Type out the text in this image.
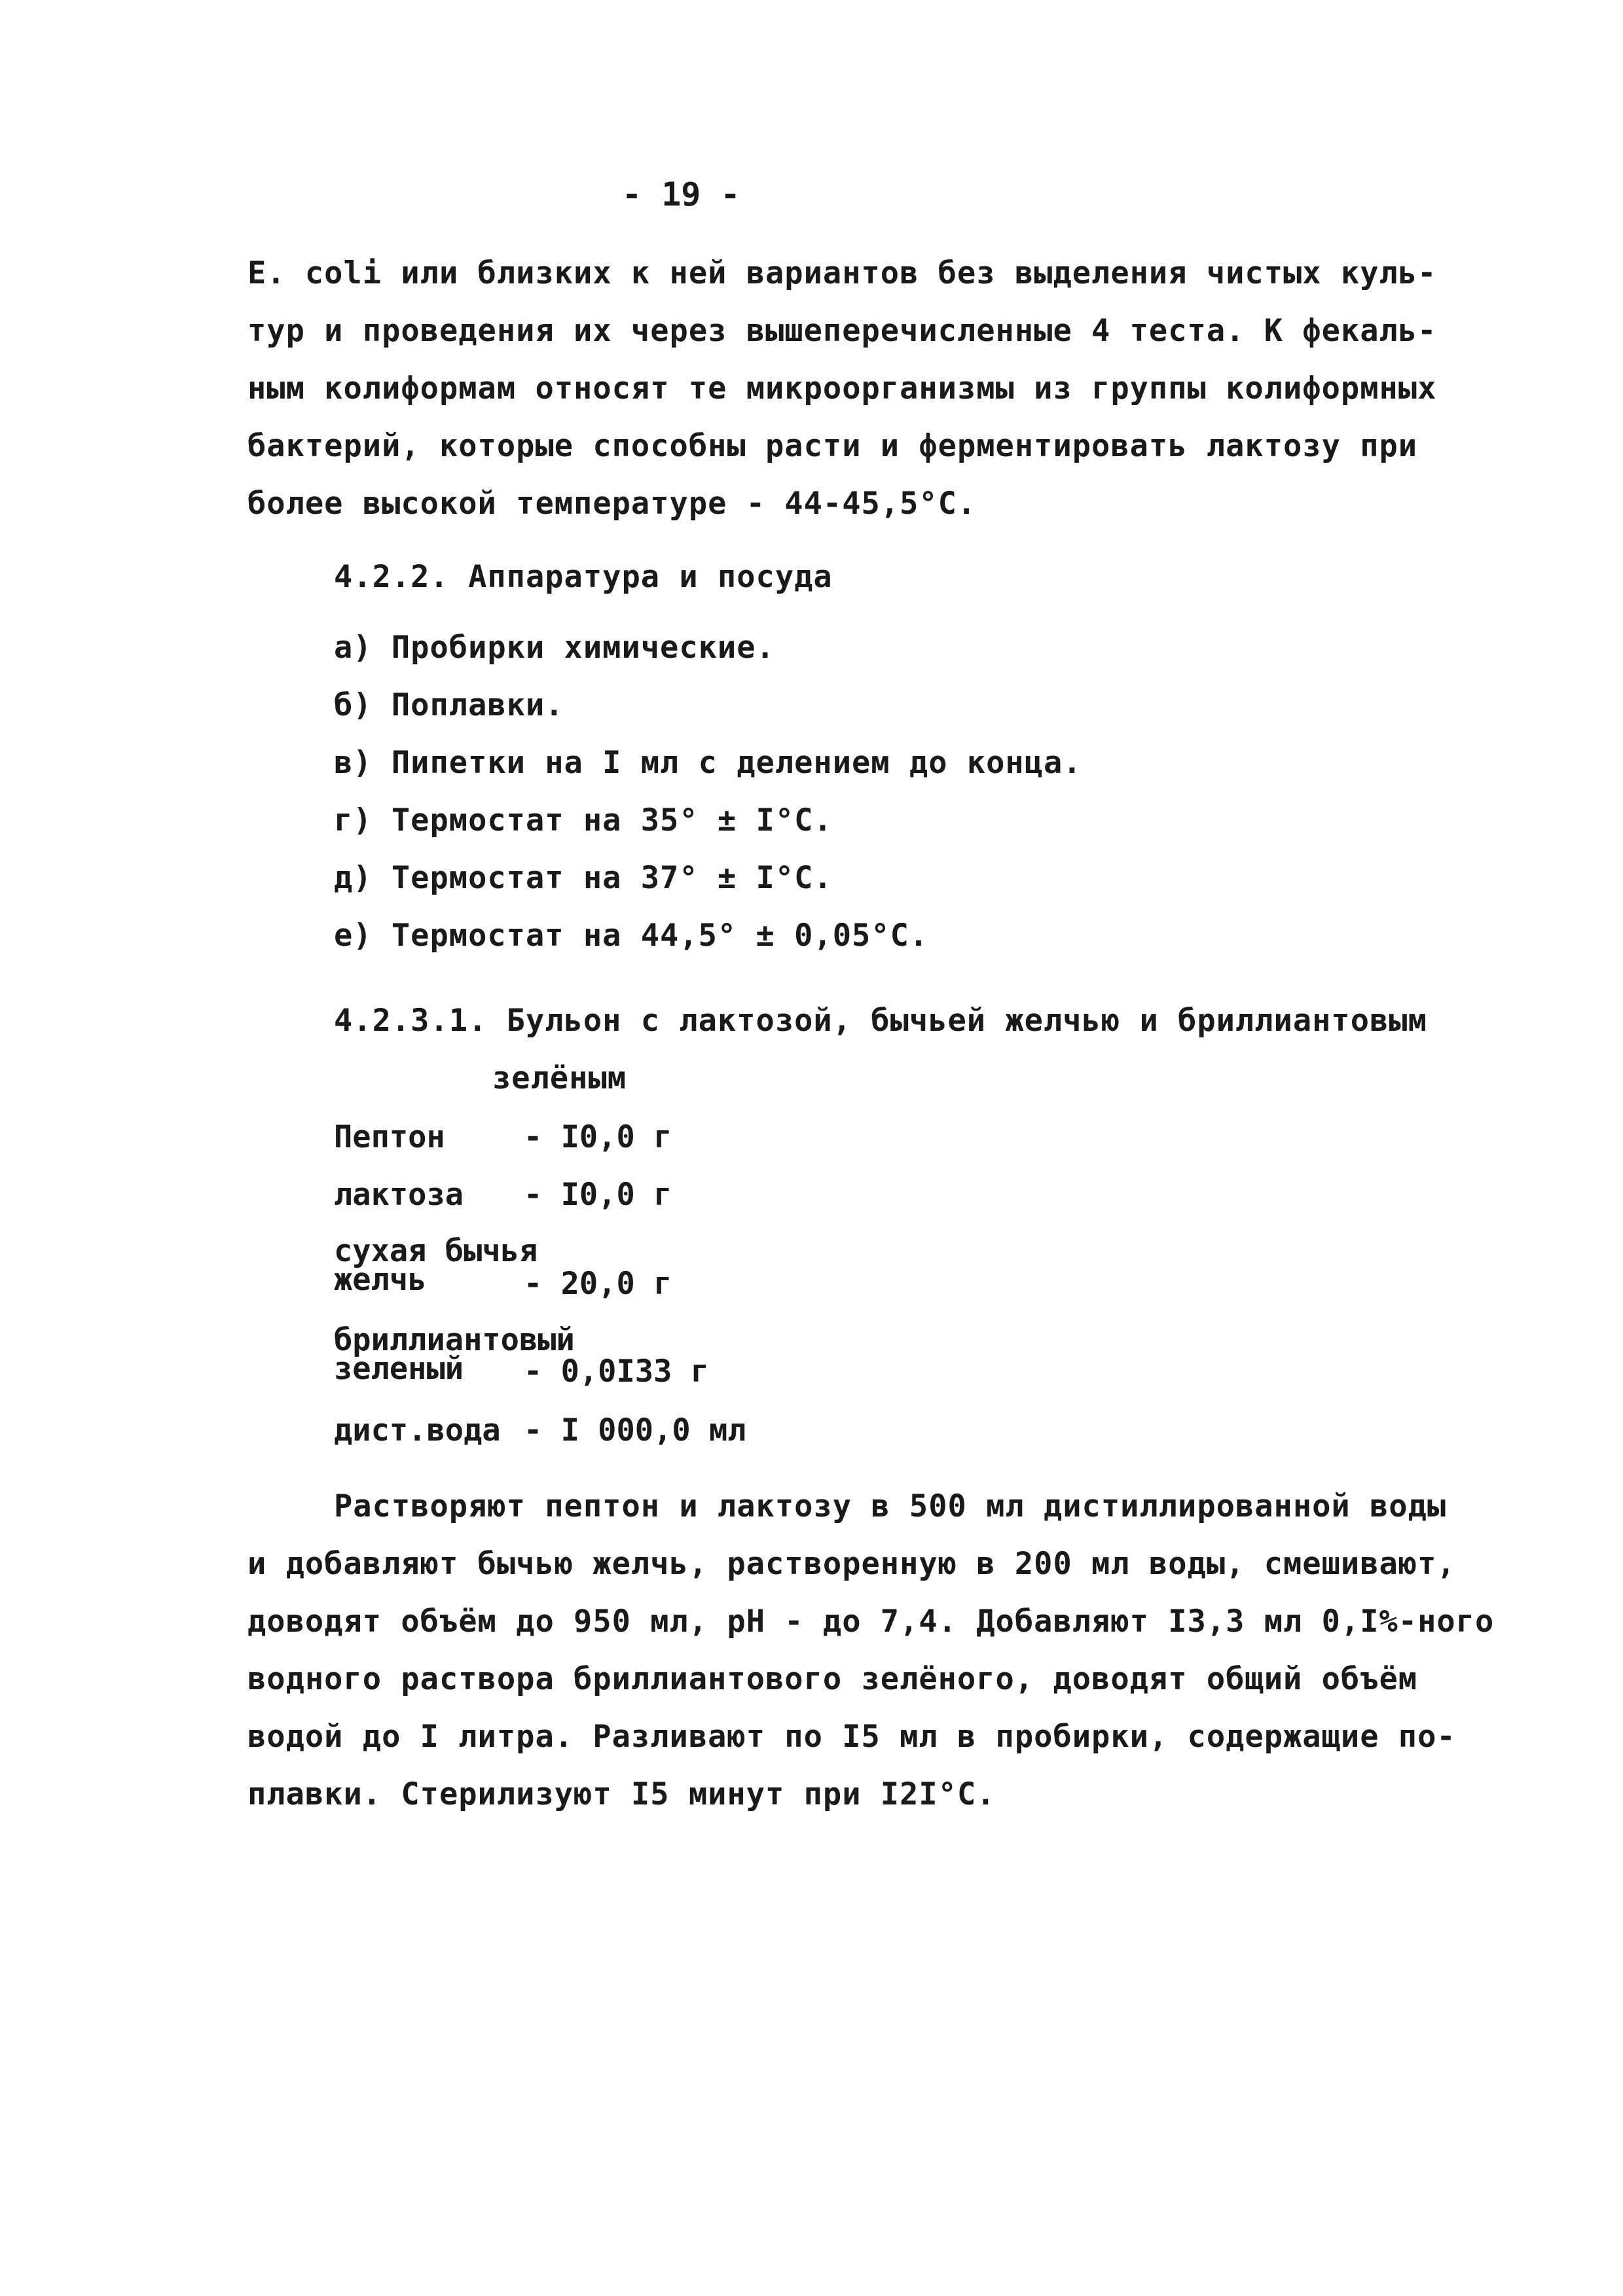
- 19 -
E. coli или близких к ней вариантов без выделения чистых куль-
тур и проведения их через вышеперечисленные 4 теста. К фекаль-
ным колиформам относят те микроорганизмы из группы колиформных
бактерий, которые способны расти и ферментировать лактозу при
более высокой температуре - 44-45,5°С.
4.2.2. Аппаратура и посуда
а) Пробирки химические.
б) Поплавки.
в) Пипетки на I мл с делением до конца.
г) Термостат на 35° ± I°С.
д) Термостат на 37° ± I°С.
е) Термостат на 44,5° ± 0,05°С.
4.2.3.1. Бульон с лактозой, бычьей желчью и бриллиантовым
зелёным

Пептон

	- I0,0 г

лактоза

- I0,0 г

сухая бычья

желчь

	- 20,0 г

бриллиантовый

зеленый

- 0,0I33 г

дист.вода

- I 000,0 мл

Растворяют пептон и лактозу в 500 мл дистиллированной воды
и добавляют бычью желчь, растворенную в 200 мл воды, смешивают,
доводят объём до 950 мл, рН - до 7,4. Добавляют I3,3 мл 0,I%-ного
водного раствора бриллиантового зелёного, доводят общий объём
водой до I литра. Разливают по I5 мл в пробирки, содержащие по-
плавки. Стерилизуют I5 минут при I2I°С.
